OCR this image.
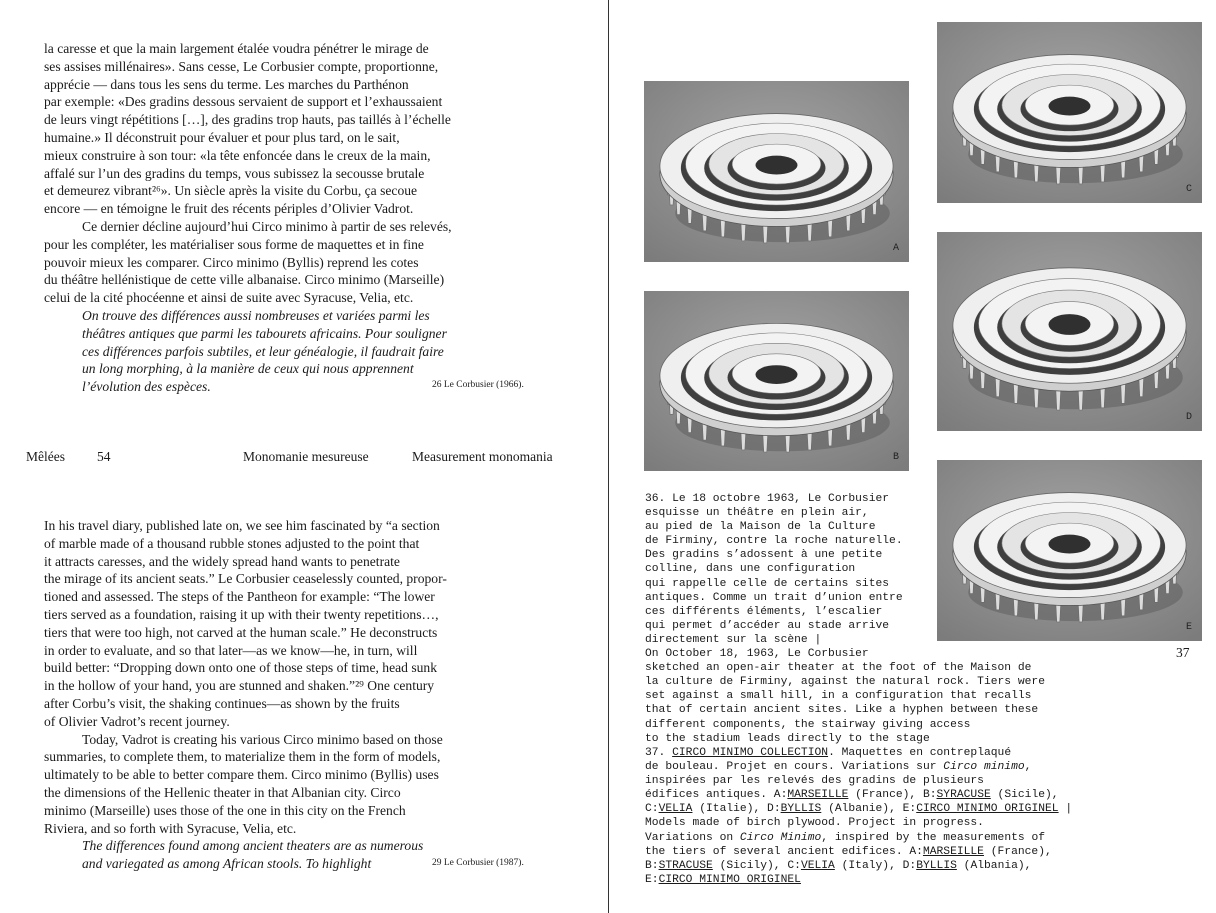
la caresse et que la main largement étalée voudra pénétrer le mirage de
ses assises millénaires». Sans cesse, Le Corbusier compte, proportionne,
apprécie — dans tous les sens du terme. Les marches du Parthénon
par exemple: «Des gradins dessous servaient de support et l’exhaussaient
de leurs vingt répétitions […], des gradins trop hauts, pas taillés à l’échelle
humaine.» Il déconstruit pour évaluer et pour plus tard, on le sait,
mieux construire à son tour: «la tête enfoncée dans le creux de la main,
affalé sur l’un des gradins du temps, vous subissez la secousse brutale
et demeurez vibrant²⁶». Un siècle après la visite du Corbu, ça secoue
encore — en témoigne le fruit des récents périples d’Olivier Vadrot.
Ce dernier décline aujourd’hui Circo minimo à partir de ses relevés,
pour les compléter, les matérialiser sous forme de maquettes et in fine
pouvoir mieux les comparer. Circo minimo (Byllis) reprend les cotes
du théâtre hellénistique de cette ville albanaise. Circo minimo (Marseille)
celui de la cité phocéenne et ainsi de suite avec Syracuse, Velia, etc.
On trouve des différences aussi nombreuses et variées parmi les
théâtres antiques que parmi les tabourets africains. Pour souligner
ces différences parfois subtiles, et leur généalogie, il faudrait faire
un long morphing, à la manière de ceux qui nous apprennent
l’évolution des espèces.	26 Le Corbusier (1966).
Mêlées 54	Monomanie mesureuse	Measurement monomania
In his travel diary, published late on, we see him fascinated by “a section
of marble made of a thousand rubble stones adjusted to the point that
it attracts caresses, and the widely spread hand wants to penetrate
the mirage of its ancient seats.” Le Corbusier ceaselessly counted, propor-
tioned and assessed. The steps of the Pantheon for example: “The lower
tiers served as a foundation, raising it up with their twenty repetitions…,
tiers that were too high, not carved at the human scale.” He deconstructs
in order to evaluate, and so that later—as we know—he, in turn, will
build better: “Dropping down onto one of those steps of time, head sunk
in the hollow of your hand, you are stunned and shaken.”²⁹ One century
after Corbu’s visit, the shaking continues—as shown by the fruits
of Olivier Vadrot’s recent journey.
Today, Vadrot is creating his various Circo minimo based on those
summaries, to complete them, to materialize them in the form of models,
ultimately to be able to better compare them. Circo minimo (Byllis) uses
the dimensions of the Hellenic theater in that Albanian city. Circo
minimo (Marseille) uses those of the one in this city on the French
Riviera, and so forth with Syracuse, Velia, etc.
The differences found among ancient theaters are as numerous
and variegated as among African stools. To highlight	29 Le Corbusier (1987).
A
B
C
D
E
37
36. Le 18 octobre 1963, Le Corbusier
esquisse un théâtre en plein air,
au pied de la Maison de la Culture
de Firminy, contre la roche naturelle.
Des gradins s’adossent à une petite
colline, dans une configuration
qui rappelle celle de certains sites
antiques. Comme un trait d’union entre
ces différents éléments, l’escalier
qui permet d’accéder au stade arrive
directement sur la scène |
On October 18, 1963, Le Corbusier
sketched an open-air theater at the foot of the Maison de
la culture de Firminy, against the natural rock. Tiers were
set against a small hill, in a configuration that recalls
that of certain ancient sites. Like a hyphen between these
different components, the stairway giving access
to the stadium leads directly to the stage
37. CIRCO MINIMO COLLECTION. Maquettes en contreplaqué
de bouleau. Projet en cours. Variations sur Circo minimo,
inspirées par les relevés des gradins de plusieurs
édifices antiques. A:MARSEILLE (France), B:SYRACUSE (Sicile),
C:VELIA (Italie), D:BYLLIS (Albanie), E:CIRCO MINIMO ORIGINEL |
Models made of birch plywood. Project in progress.
Variations on Circo Minimo, inspired by the measurements of
the tiers of several ancient edifices. A:MARSEILLE (France),
B:STRACUSE (Sicily), C:VELIA (Italy), D:BYLLIS (Albania),
E:CIRCO MINIMO ORIGINEL
